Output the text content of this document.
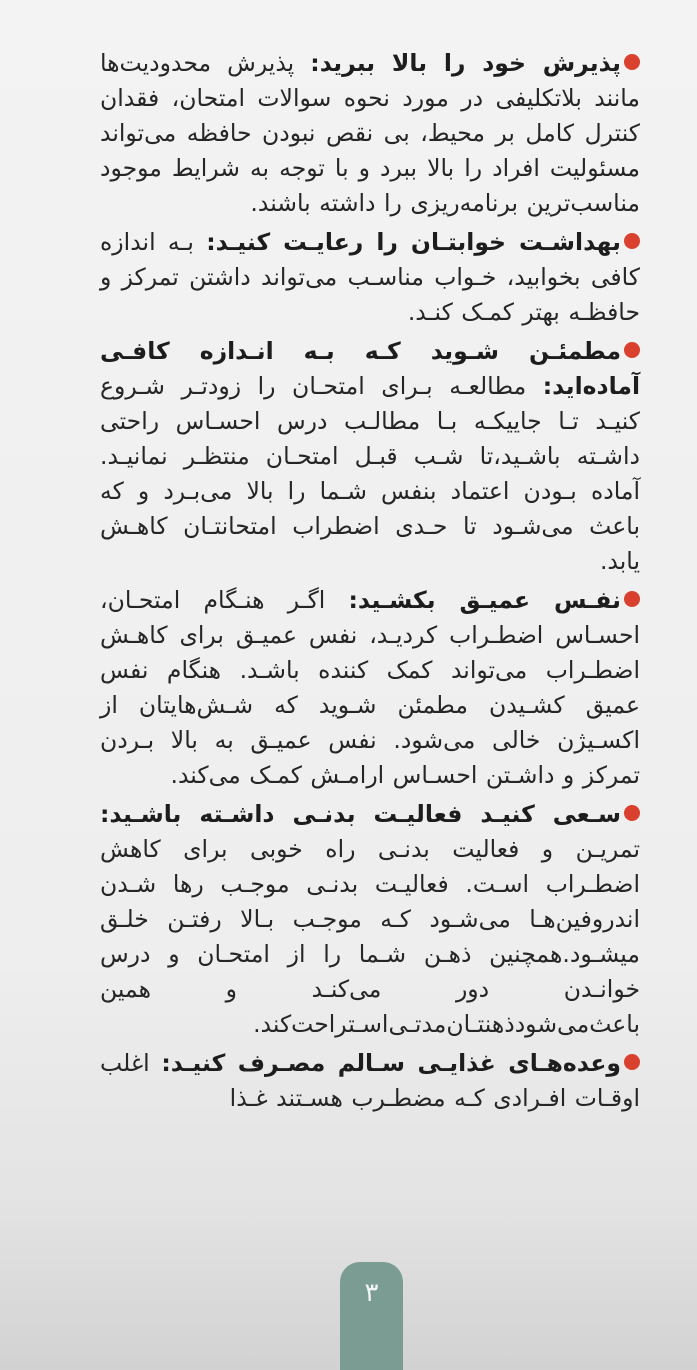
پذیرش خود را بالا ببرید: پذیرش محدودیت‌ها مانند بلاتکلیفی در مورد نحوه سوالات امتحان، فقدان کنترل کامل بر محیط، بی نقص نبودن حافظه می‌تواند مسئولیت افراد را بالا ببرد و با توجه به شرایط موجود مناسب‌ترین برنامه‌ریزی را داشته باشند.

بهداشـت خوابتـان را رعایـت کنیـد: بـه اندازه کافی بخوابید، خـواب مناسـب می‌تواند داشتن تمرکز و حافظـه بهتر کمـک کنـد.

مطمئـن شـوید کـه بـه انـدازه کافـی آماده‌اید: مطالعـه بـرای امتحـان را زودتـر شـروع کنیـد تـا جاییکـه بـا مطالـب درس احسـاس راحتی داشـته باشـید،تا شـب قبـل امتحـان منتظـر نمانیـد. آماده بـودن اعتماد بنفس شـما را بالا می‌بـرد و که باعث می‌شـود تا حـدی اضطراب امتحانتـان کاهـش یابد.

نفـس عمیـق بکشـید: اگـر هنـگام امتحـان، احسـاس اضطـراب کردیـد، نفس عمیـق برای کاهـش اضطـراب می‌تواند کمک کننده باشـد. هنگام نفس عمیق کشـیدن مطمئن شـوید که شـش‌هایتان از اکسـیژن خالی می‌شود. نفس عمیـق به بالا بـردن تمرکز و داشـتن احسـاس ارامـش کمـک می‌کند.

سـعی کنیـد فعالیـت بدنـی داشـته باشـید: تمریـن و فعالیت بدنـی راه خوبی برای کاهش اضطـراب اسـت. فعالیـت بدنـی موجـب رها شـدن اندروفین‌هـا می‌شـود کـه موجـب بـالا رفتـن خلـق میشـود.همچنین ذهـن شـما را از امتحـان و درس خوانـدن دور می‌کنـد و همین باعث‌می‌شودذهنتـان‌مدتـی‌اسـتراحت‌کند.

وعده‌هـای غذایـی سـالم مصـرف کنیـد: اغلب اوقـات افـرادی کـه مضطـرب هسـتند غـذا

۳
